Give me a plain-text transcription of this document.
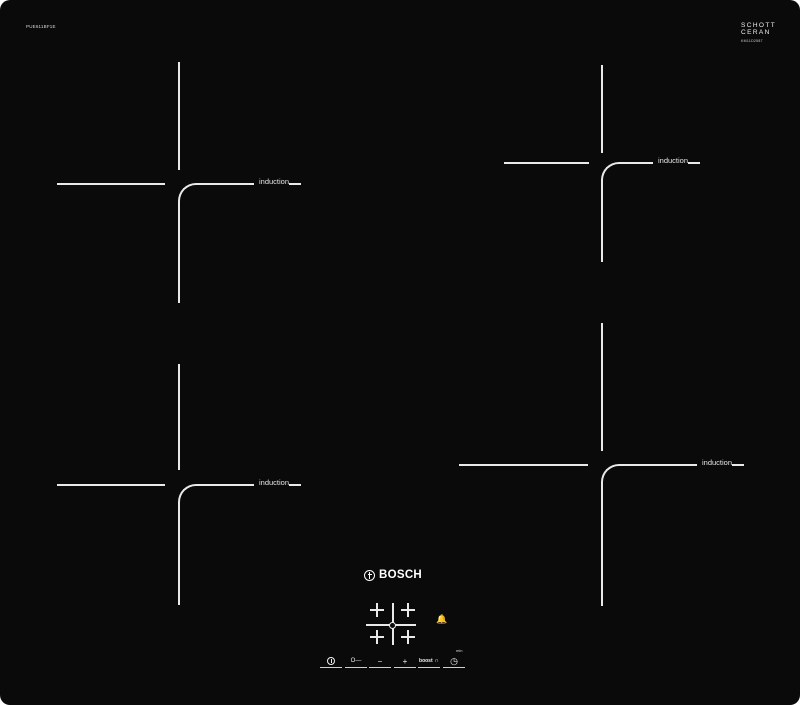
PUE611BF1E	SCHOTT
CERAN
KM11D2587
induction
induction
induction
induction
BOSCH
🔔
O— −	+ boost ∩ ◷
min
